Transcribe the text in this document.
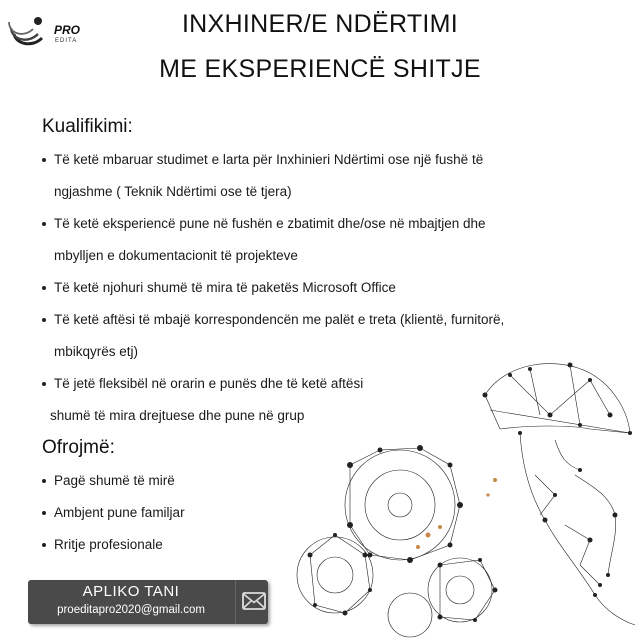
PRO
EDITA
INXHINER/E NDËRTIMI
ME EKSPERIENCË SHITJE
Kualifikimi:
Të ketë mbaruar studimet e larta për Inxhinieri Ndërtimi ose një fushë të
ngjashme ( Teknik Ndërtimi ose të tjera)
Të ketë eksperiencë pune në fushën e zbatimit dhe/ose në mbajtjen dhe
mbylljen e dokumentacionit të projekteve
Të ketë njohuri shumë të mira të paketës Microsoft Office
Të ketë aftësi të mbajë korrespondencën me palët e treta (klientë, furnitorë,
mbikqyrës etj)
Të jetë fleksibël në orarin e punës dhe të ketë aftësi
shumë të mira drejtuese dhe pune në grup
Ofrojmë:
Pagë shumë të mirë
Ambjent pune familjar
Rritje profesionale
APLIKO TANI
proeditapro2020@gmail.com
